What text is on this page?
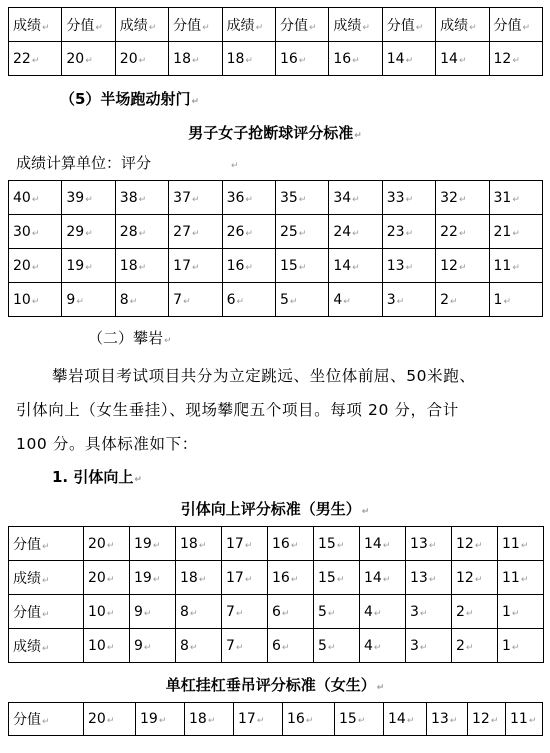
成绩↵	分值↵	成绩↵	分值↵	成绩↵	分值↵	成绩↵	分值↵	成绩↵	分值↵
22↵	20↵	20↵	18↵	18↵	16↵	16↵	14↵	14↵	12↵
（5）半场跑动射门↵
男子女子抢断球评分标准↵
成绩计算单位：评分	↵
40↵	39↵	38↵	37↵	36↵	35↵	34↵	33↵	32↵	31↵
30↵	29↵	28↵	27↵	26↵	25↵	24↵	23↵	22↵	21↵
20↵	19↵	18↵	17↵	16↵	15↵	14↵	13↵	12↵	11↵
10↵	9↵	8↵	7↵	6↵	5↵	4↵	3↵	2↵	1↵
（二）攀岩↵
攀岩项目考试项目共分为立定跳远、坐位体前屈、50米跑、
引体向上（女生垂挂）、现场攀爬五个项目。每项 20 分，合计
100 分。具体标准如下：
1. 引体向上↵
引体向上评分标准（男生）↵
分值↵	20↵	19↵	18↵	17↵	16↵	15↵	14↵	13↵	12↵	11↵
成绩↵	20↵	19↵	18↵	17↵	16↵	15↵	14↵	13↵	12↵	11↵
分值↵	10↵	9↵	8↵	7↵	6↵	5↵	4↵	3↵	2↵	1↵
成绩↵	10↵	9↵	8↵	7↵	6↵	5↵	4↵	3↵	2↵	1↵
单杠挂杠垂吊评分标准（女生）↵
分值↵	20↵	19↵	18↵	17↵	16↵	15↵	14↵	13↵	12↵	11↵
